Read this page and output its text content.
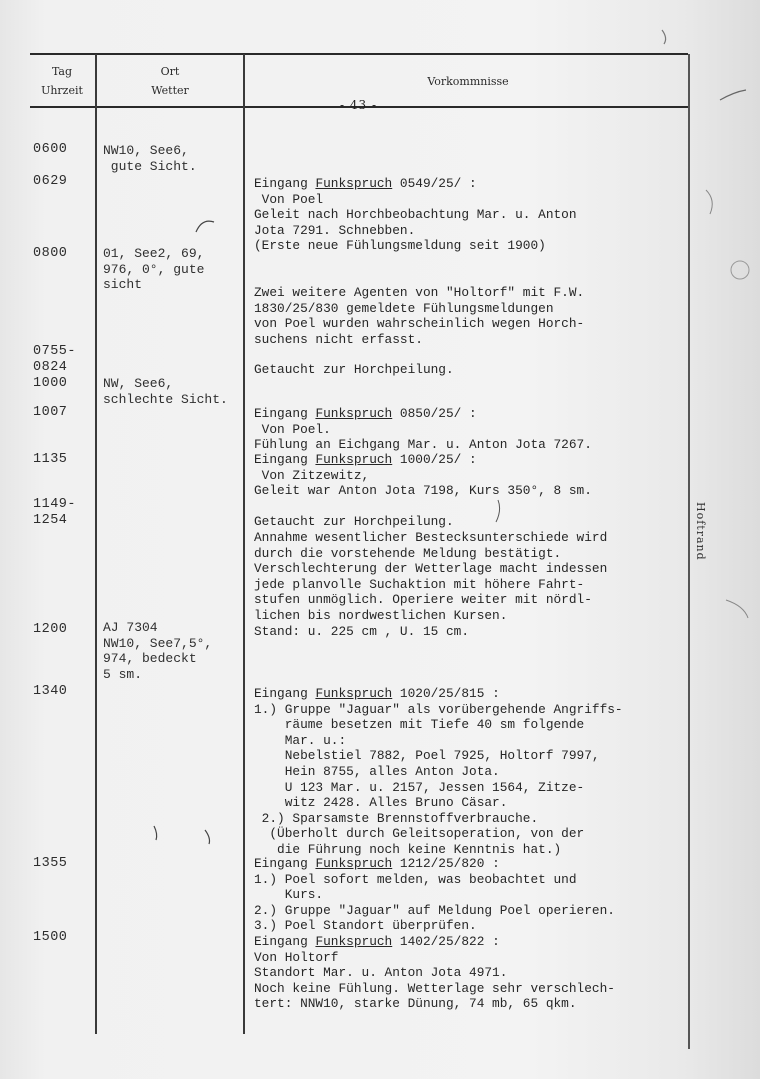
Tag
Uhrzeit
Ort
Wetter
Vorkommnisse
- 43 -
Hoftrand
0600
0629
0800
0755-
0824
1000
1007
1135
1149-
1254
1200
1340
1355
1500
NW10, See6,
gute Sicht.
01, See2, 69,
976, 0°, gute
sicht
NW, See6,
schlechte Sicht.
AJ 7304
NW10, See7,5°,
974, bedeckt
5 sm.
Eingang Funkspruch 0549/25/ :
Von Poel
Geleit nach Horchbeobachtung Mar. u. Anton
Jota 7291. Schnebben.
(Erste neue Fühlungsmeldung seit 1900)
Zwei weitere Agenten von "Holtorf" mit F.W.
1830/25/830 gemeldete Fühlungsmeldungen
von Poel wurden wahrscheinlich wegen Horch-
suchens nicht erfasst.
Getaucht zur Horchpeilung.
Eingang Funkspruch 0850/25/ :
Von Poel.
Fühlung an Eichgang Mar. u. Anton Jota 7267.
Eingang Funkspruch 1000/25/ :
Von Zitzewitz,
Geleit war Anton Jota 7198, Kurs 350°, 8 sm.
Getaucht zur Horchpeilung.
Annahme wesentlicher Bestecksunterschiede wird
durch die vorstehende Meldung bestätigt.
Verschlechterung der Wetterlage macht indessen
jede planvolle Suchaktion mit höhere Fahrt-
stufen unmöglich. Operiere weiter mit nördl-
lichen bis nordwestlichen Kursen.
Stand: u. 225 cm , U. 15 cm.
Eingang Funkspruch 1020/25/815 :
1.) Gruppe "Jaguar" als vorübergehende Angriffs-
räume besetzen mit Tiefe 40 sm folgende
Mar. u.:
Nebelstiel 7882, Poel 7925, Holtorf 7997,
Hein 8755, alles Anton Jota.
U 123 Mar. u. 2157, Jessen 1564, Zitze-
witz 2428. Alles Bruno Cäsar.
2.) Sparsamste Brennstoffverbrauche.
(Überholt durch Geleitsoperation, von der
die Führung noch keine Kenntnis hat.)
Eingang Funkspruch 1212/25/820 :
1.) Poel sofort melden, was beobachtet und
Kurs.
2.) Gruppe "Jaguar" auf Meldung Poel operieren.
3.) Poel Standort überprüfen.
Eingang Funkspruch 1402/25/822 :
Von Holtorf
Standort Mar. u. Anton Jota 4971.
Noch keine Fühlung. Wetterlage sehr verschlech-
tert: NNW10, starke Dünung, 74 mb, 65 qkm.
